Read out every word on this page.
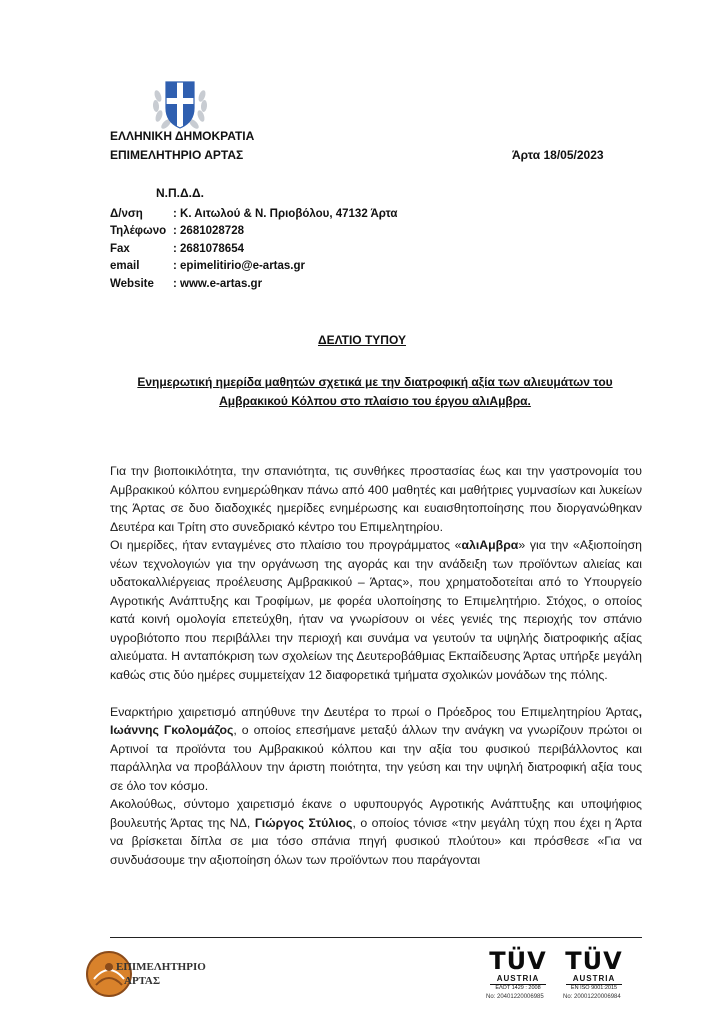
ΕΛΛΗΝΙΚΗ ΔΗΜΟΚΡΑΤΙΑ
ΕΠΙΜΕΛΗΤΗΡΙΟ ΑΡΤΑΣ	Άρτα 18/05/2023
Ν.Π.Δ.Δ.
Δ/νση	: Κ. Αιτωλού & Ν. Πριοβόλου, 47132 Άρτα
Τηλέφωνο : 2681028728
Fax	: 2681078654
email	: epimelitirio@e-artas.gr
Website	: www.e-artas.gr
ΔΕΛΤΙΟ ΤΥΠΟΥ
Ενημερωτική ημερίδα μαθητών σχετικά με την διατροφική αξία των αλιευμάτων του Αμβρακικού Κόλπου στο πλαίσιο του έργου αλιΑμβρα.

Για την βιοποικιλότητα, την σπανιότητα, τις συνθήκες προστασίας έως και την γαστρονομία του Αμβρακικού κόλπου ενημερώθηκαν πάνω από 400 μαθητές και μαθήτριες γυμνασίων και λυκείων της Άρτας σε δυο διαδοχικές ημερίδες ενημέρωσης και ευαισθητοποίησης που διοργανώθηκαν Δευτέρα και Τρίτη στο συνεδριακό κέντρο του Επιμελητηρίου.

Οι ημερίδες, ήταν ενταγμένες στο πλαίσιο του προγράμματος «αλιΑμβρα» για την «Αξιοποίηση νέων τεχνολογιών για την οργάνωση της αγοράς και την ανάδειξη των προϊόντων αλιείας και υδατοκαλλιέργειας προέλευσης Αμβρακικού – Άρτας», που χρηματοδοτείται από το Υπουργείο Αγροτικής Ανάπτυξης και Τροφίμων, με φορέα υλοποίησης το Επιμελητήριο. Στόχος, ο οποίος κατά κοινή ομολογία επετεύχθη, ήταν να γνωρίσουν οι νέες γενιές της περιοχής τον σπάνιο υγροβιότοπο που περιβάλλει την περιοχή και συνάμα να γευτούν τα υψηλής διατροφικής αξίας αλιεύματα. Η ανταπόκριση των σχολείων της Δευτεροβάθμιας Εκπαίδευσης Άρτας υπήρξε μεγάλη καθώς στις δύο ημέρες συμμετείχαν 12 διαφορετικά τμήματα σχολικών μονάδων της πόλης.

Εναρκτήριο χαιρετισμό απηύθυνε την Δευτέρα το πρωί ο Πρόεδρος του Επιμελητηρίου Άρτας, Ιωάννης Γκολομάζος, ο οποίος επεσήμανε μεταξύ άλλων την ανάγκη να γνωρίζουν πρώτοι οι Αρτινοί τα προϊόντα του Αμβρακικού κόλπου και την αξία του φυσικού περιβάλλοντος και παράλληλα να προβάλλουν την άριστη ποιότητα, την γεύση και την υψηλή διατροφική αξία τους σε όλο τον κόσμο.

Ακολούθως, σύντομο χαιρετισμό έκανε ο υφυπουργός Αγροτικής Ανάπτυξης και υποψήφιος βουλευτής Άρτας της ΝΔ, Γιώργος Στύλιος, ο οποίος τόνισε «την μεγάλη τύχη που έχει η Άρτα να βρίσκεται δίπλα σε μια τόσο σπάνια πηγή φυσικού πλούτου» και πρόσθεσε «Για να συνδυάσουμε την αξιοποίηση όλων των προϊόντων που παράγονται

ΕΠΙΜΕΛΗΤΗΡΙΟ
ΑΡΤΑΣ
TÜV
AUSTRIA
ΕΛΟΤ 1429 : 2008
No: 20401220006985
TÜV
AUSTRIA
EN ISO 9001:2015
No: 20001220006984
